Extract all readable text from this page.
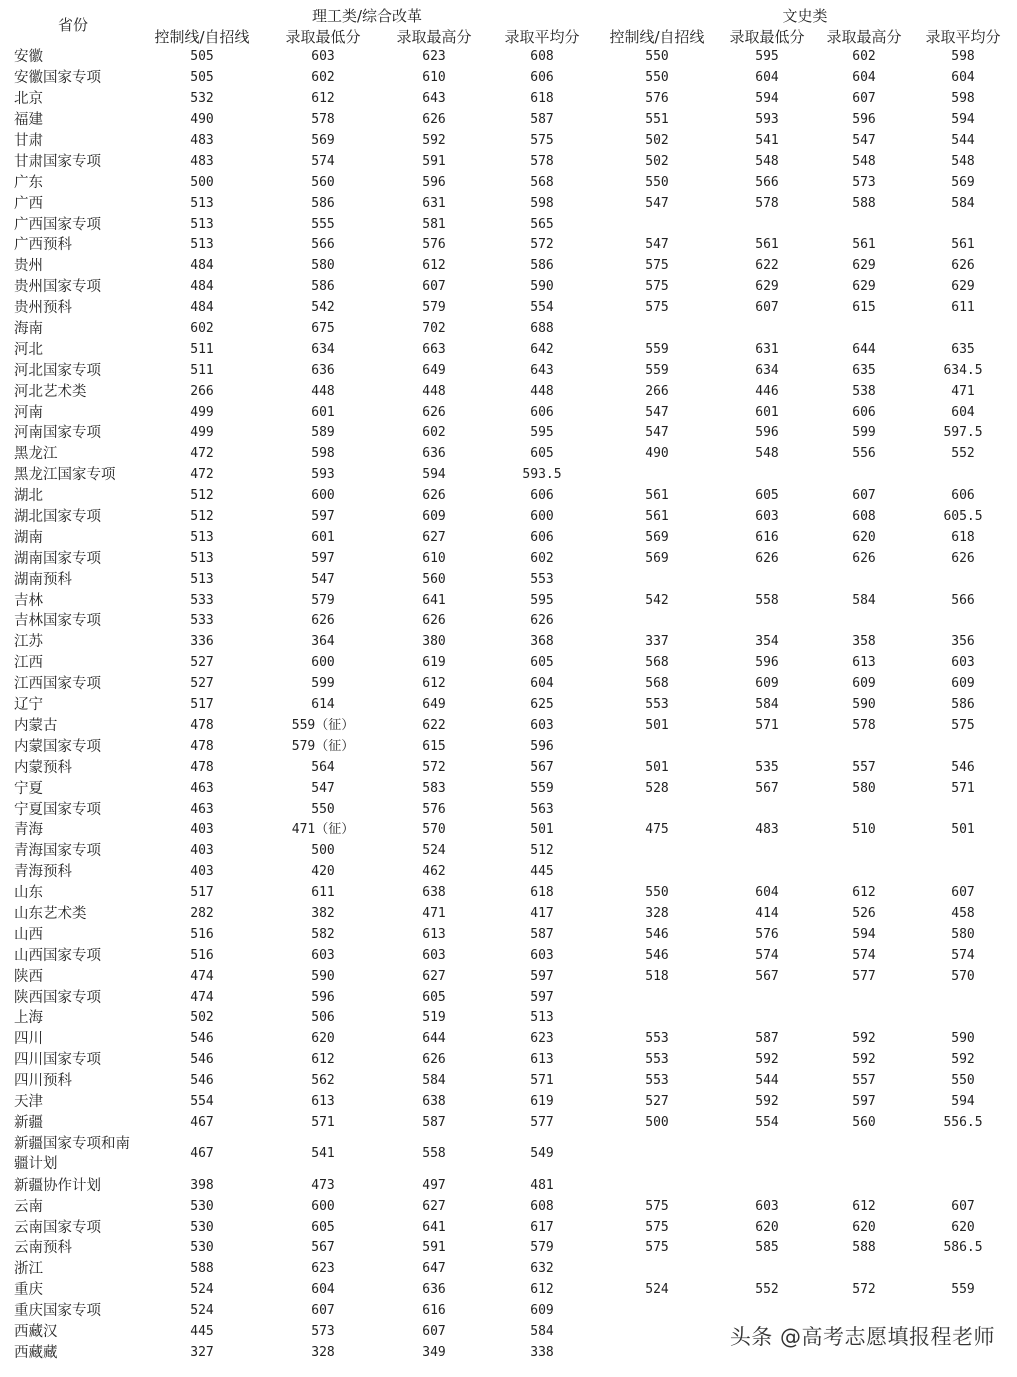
省份	理工类/综合改革				文史类			
	控制线/自招线	录取最低分	录取最高分	录取平均分	控制线/自招线	录取最低分	录取最高分	录取平均分
安徽	505	603	623	608	550	595	602	598
安徽国家专项	505	602	610	606	550	604	604	604
北京	532	612	643	618	576	594	607	598
福建	490	578	626	587	551	593	596	594
甘肃	483	569	592	575	502	541	547	544
甘肃国家专项	483	574	591	578	502	548	548	548
广东	500	560	596	568	550	566	573	569
广西	513	586	631	598	547	578	588	584
广西国家专项	513	555	581	565				
广西预科	513	566	576	572	547	561	561	561
贵州	484	580	612	586	575	622	629	626
贵州国家专项	484	586	607	590	575	629	629	629
贵州预科	484	542	579	554	575	607	615	611
海南	602	675	702	688				
河北	511	634	663	642	559	631	644	635
河北国家专项	511	636	649	643	559	634	635	634.5
河北艺术类	266	448	448	448	266	446	538	471
河南	499	601	626	606	547	601	606	604
河南国家专项	499	589	602	595	547	596	599	597.5
黑龙江	472	598	636	605	490	548	556	552
黑龙江国家专项	472	593	594	593.5				
湖北	512	600	626	606	561	605	607	606
湖北国家专项	512	597	609	600	561	603	608	605.5
湖南	513	601	627	606	569	616	620	618
湖南国家专项	513	597	610	602	569	626	626	626
湖南预科	513	547	560	553				
吉林	533	579	641	595	542	558	584	566
吉林国家专项	533	626	626	626				
江苏	336	364	380	368	337	354	358	356
江西	527	600	619	605	568	596	613	603
江西国家专项	527	599	612	604	568	609	609	609
辽宁	517	614	649	625	553	584	590	586
内蒙古	478	559（征）	622	603	501	571	578	575
内蒙国家专项	478	579（征）	615	596				
内蒙预科	478	564	572	567	501	535	557	546
宁夏	463	547	583	559	528	567	580	571
宁夏国家专项	463	550	576	563				
青海	403	471（征）	570	501	475	483	510	501
青海国家专项	403	500	524	512				
青海预科	403	420	462	445				
山东	517	611	638	618	550	604	612	607
山东艺术类	282	382	471	417	328	414	526	458
山西	516	582	613	587	546	576	594	580
山西国家专项	516	603	603	603	546	574	574	574
陕西	474	590	627	597	518	567	577	570
陕西国家专项	474	596	605	597				
上海	502	506	519	513				
四川	546	620	644	623	553	587	592	590
四川国家专项	546	612	626	613	553	592	592	592
四川预科	546	562	584	571	553	544	557	550
天津	554	613	638	619	527	592	597	594
新疆	467	571	587	577	500	554	560	556.5
新疆国家专项和南疆计划	467	541	558	549				
新疆协作计划	398	473	497	481				
云南	530	600	627	608	575	603	612	607
云南国家专项	530	605	641	617	575	620	620	620
云南预科	530	567	591	579	575	585	588	586.5
浙江	588	623	647	632				
重庆	524	604	636	612	524	552	572	559
重庆国家专项	524	607	616	609				
西藏汉	445	573	607	584				
西藏藏	327	328	349	338				
头条 @高考志愿填报程老师
